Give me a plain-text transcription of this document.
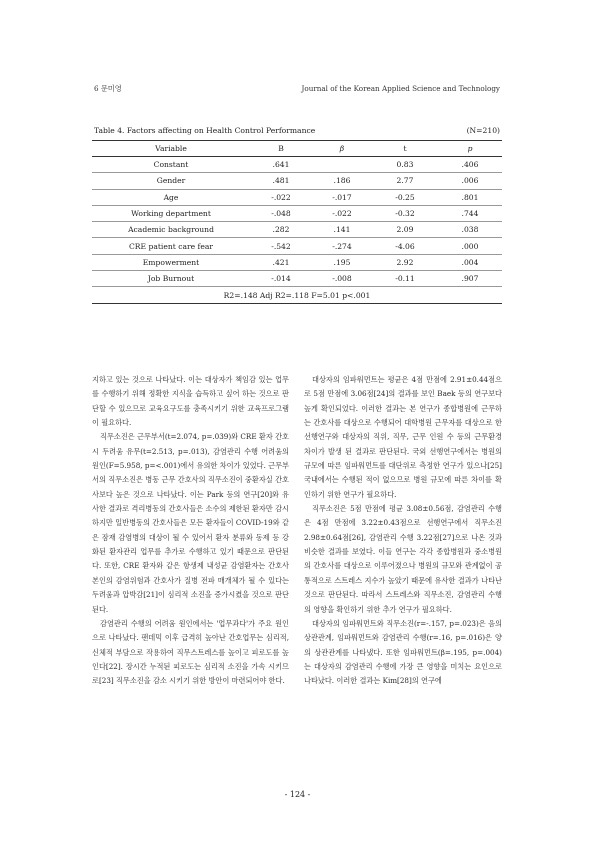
6 문미영	Journal of the Korean Applied Science and Technology
Table 4. Factors affecting on Health Control Performance	(N=210)
Variable	B	β	t	p
Constant	.641		0.83	.406
Gender	.481	.186	2.77	.006
Age	-.022	-.017	-0.25	.801
Working department	-.048	-.022	-0.32	.744
Academic background	.282	.141	2.09	.038
CRE patient care fear	-.542	-.274	-4.06	.000
Empowerment	.421	.195	2.92	.004
Job Burnout	-.014	-.008	-0.11	.907
R2=.148 Adj R2=.118 F=5.01 p<.001				

지하고 있는 것으로 나타났다. 이는 대상자가 책임감 있는 업무를 수행하기 위해 정확한 지식을 습득하고 싶어 하는 것으로 판단할 수 있으므로 교육요구도를 충족시키기 위한 교육프로그램이 필요하다.

직무소진은 근무부서(t=2.074, p=.039)와 CRE 환자 간호 시 두려움 유무(t=2.513, p=.013), 감염관리 수행 어려움의 원인(F=5.958, p=<.001)에서 유의한 차이가 있었다. 근무부서의 직무소진은 병동 근무 간호사의 직무소진이 중환자실 간호사보다 높은 것으로 나타났다. 이는 Park 등의 연구[20]와 유사한 결과로 격리병동의 간호사들은 소수의 제한된 환자만 감시하지만 일반병동의 간호사들은 모든 환자들이 COVID-19와 같은 잠재 감염병의 대상이 될 수 있어서 환자 분류와 동제 등 강화된 환자관리 업무를 추가로 수행하고 있기 때문으로 판단된다. 또한, CRE 환자와 같은 항생제 내성균 감염환자는 간호사 본인의 감염위험과 간호사가 질병 전파 매개체가 될 수 있다는 두려움과 압박감[21]이 심리적 소진을 증가시켰을 것으로 판단된다.

감염관리 수행의 어려움 원인에서는 '업무과다'가 주요 원인으로 나타났다. 팬데믹 이후 급격히 높아난 간호업무는 심리적, 신체적 부담으로 작용하여 직무스트레스를 높이고 피로도를 높인다[22]. 장시간 누적된 피로도는 심리적 소진을 가속 시키므로[23] 직무소진을 감소 시키기 위한 방안이 마련되어야 한다.

대상자의 임파워먼트는 평균은 4점 만점에 2.91±0.44점으로 5점 만점에 3.06점[24]의 결과를 보인 Baek 등의 연구보다 높게 확인되었다. 이러한 결과는 본 연구가 종합병원에 근무하는 간호사를 대상으로 수행되어 대학병원 근무자를 대상으로 한 선행연구와 대상자의 직위, 직무, 근무 인원 수 등의 근무환경 차이가 발생 된 결과로 판단된다. 국외 선행연구에서는 병원의 규모에 따른 임파워먼트를 대단위로 측정한 연구가 있으나[25] 국내에서는 수행된 적이 없으므로 병원 규모에 따른 차이를 확인하기 위한 연구가 필요하다.

직무소진은 5점 만점에 평균 3.08±0.56점, 감염관리 수행은 4점 만점에 3.22±0.43점으로 선행연구에서 직무소진 2.98±0.64점[26], 감염관리 수행 3.22점[27]으로 나온 것과 비슷한 결과를 보였다. 이들 연구는 각각 종합병원과 중소병원의 간호사를 대상으로 이루어졌으나 병원의 규모와 관계없이 공통적으로 스트레스 지수가 높았기 때문에 유사한 결과가 나타난 것으로 판단된다. 따라서 스트레스와 직무소진, 감염관리 수행의 영향을 확인하기 위한 추가 연구가 필요하다.

대상자의 임파워먼트와 직무소진(r=-.157, p=.023)은 음의 상관관계, 임파워먼트와 감염관리 수행(r=.16, p=.016)은 양의 상관관계를 나타냈다. 또한 임파워먼트(β=.195, p=.004)는 대상자의 감염관리 수행에 가장 큰 영향을 미치는 요인으로 나타났다. 이러한 결과는 Kim[28]의 연구에

- 124 -
